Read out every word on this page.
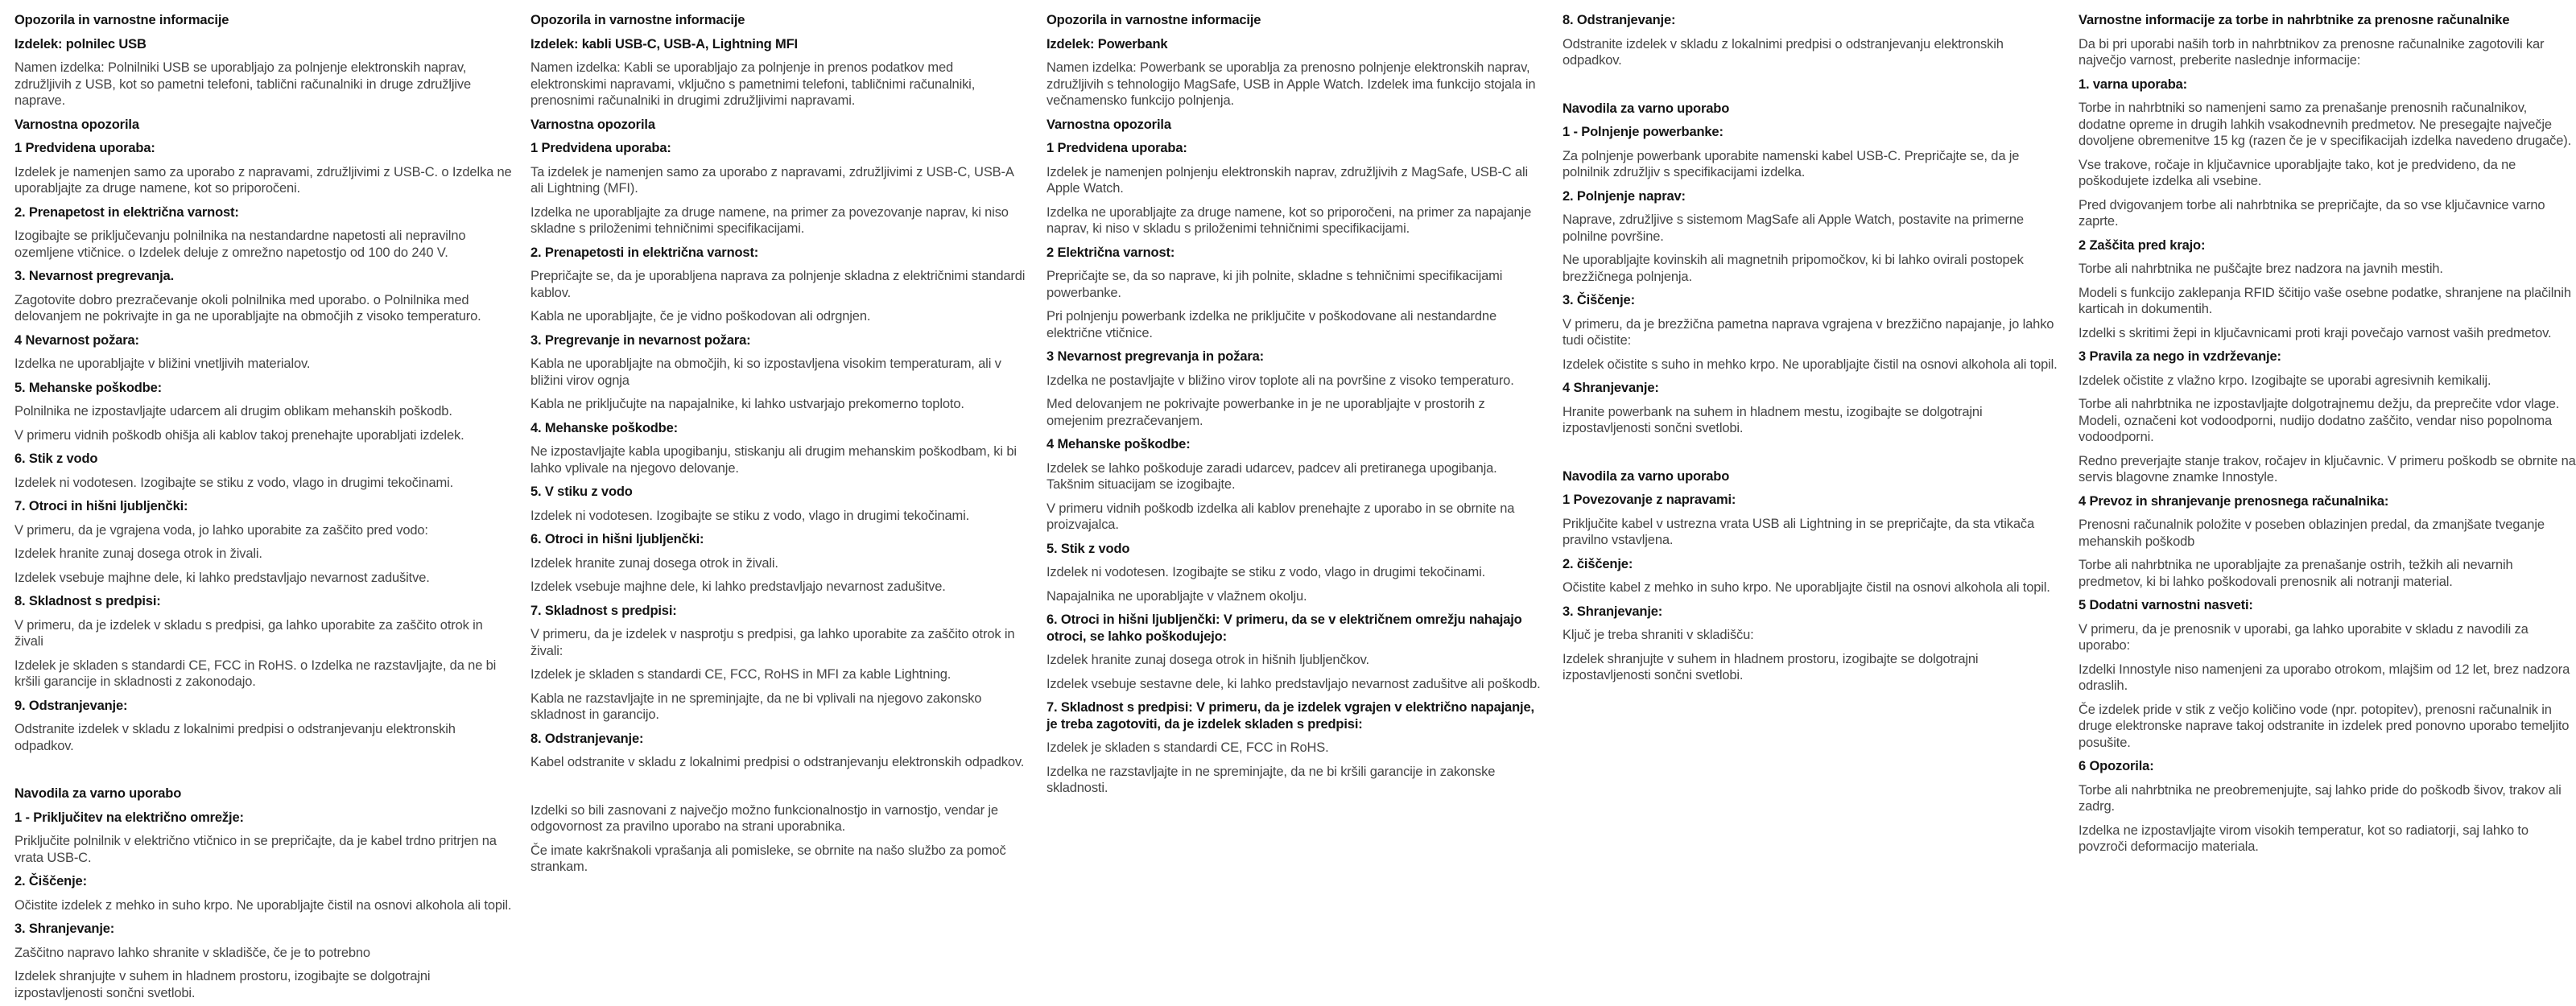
Opozorila in varnostne informacije
Izdelek: polnilec USB
Namen izdelka: Polnilniki USB se uporabljajo za polnjenje elektronskih naprav, združljivih z USB, kot so pametni telefoni, tablični računalniki in druge združljive naprave.
Varnostna opozorila
1 Predvidena uporaba:
Izdelek je namenjen samo za uporabo z napravami, združljivimi z USB-C. o Izdelka ne uporabljajte za druge namene, kot so priporočeni.
2. Prenapetost in električna varnost:
Izogibajte se priključevanju polnilnika na nestandardne napetosti ali nepravilno ozemljene vtičnice. o Izdelek deluje z omrežno napetostjo od 100 do 240 V.
3. Nevarnost pregrevanja.
Zagotovite dobro prezračevanje okoli polnilnika med uporabo. o Polnilnika med delovanjem ne pokrivajte in ga ne uporabljajte na območjih z visoko temperaturo.
4 Nevarnost požara:
Izdelka ne uporabljajte v bližini vnetljivih materialov.
5. Mehanske poškodbe:
Polnilnika ne izpostavljajte udarcem ali drugim oblikam mehanskih poškodb.
V primeru vidnih poškodb ohišja ali kablov takoj prenehajte uporabljati izdelek.
6. Stik z vodo
Izdelek ni vodotesen. Izogibajte se stiku z vodo, vlago in drugimi tekočinami.
7. Otroci in hišni ljubljenčki:
V primeru, da je vgrajena voda, jo lahko uporabite za zaščito pred vodo:
Izdelek hranite zunaj dosega otrok in živali.
Izdelek vsebuje majhne dele, ki lahko predstavljajo nevarnost zadušitve.
8. Skladnost s predpisi:
V primeru, da je izdelek v skladu s predpisi, ga lahko uporabite za zaščito otrok in živali
Izdelek je skladen s standardi CE, FCC in RoHS. o Izdelka ne razstavljajte, da ne bi kršili garancije in skladnosti z zakonodajo.
9. Odstranjevanje:
Odstranite izdelek v skladu z lokalnimi predpisi o odstranjevanju elektronskih odpadkov.
Navodila za varno uporabo
1 - Priključitev na električno omrežje:
Priključite polnilnik v električno vtičnico in se prepričajte, da je kabel trdno pritrjen na vrata USB-C.
2. Čiščenje:
Očistite izdelek z mehko in suho krpo. Ne uporabljajte čistil na osnovi alkohola ali topil.
3. Shranjevanje:
Zaščitno napravo lahko shranite v skladišče, če je to potrebno
Izdelek shranjujte v suhem in hladnem prostoru, izogibajte se dolgotrajni izpostavljenosti sončni svetlobi.
Opozorila in varnostne informacije
Izdelek: kabli USB-C, USB-A, Lightning MFI
Namen izdelka: Kabli se uporabljajo za polnjenje in prenos podatkov med elektronskimi napravami, vključno s pametnimi telefoni, tabličnimi računalniki, prenosnimi računalniki in drugimi združljivimi napravami.
Varnostna opozorila
1 Predvidena uporaba:
Ta izdelek je namenjen samo za uporabo z napravami, združljivimi z USB-C, USB-A ali Lightning (MFI).
Izdelka ne uporabljajte za druge namene, na primer za povezovanje naprav, ki niso skladne s priloženimi tehničnimi specifikacijami.
2. Prenapetosti in električna varnost:
Prepričajte se, da je uporabljena naprava za polnjenje skladna z električnimi standardi kablov.
Kabla ne uporabljajte, če je vidno poškodovan ali odrgnjen.
3. Pregrevanje in nevarnost požara:
Kabla ne uporabljajte na območjih, ki so izpostavljena visokim temperaturam, ali v bližini virov ognja
Kabla ne priključujte na napajalnike, ki lahko ustvarjajo prekomerno toploto.
4. Mehanske poškodbe:
Ne izpostavljajte kabla upogibanju, stiskanju ali drugim mehanskim poškodbam, ki bi lahko vplivale na njegovo delovanje.
5. V stiku z vodo
Izdelek ni vodotesen. Izogibajte se stiku z vodo, vlago in drugimi tekočinami.
6. Otroci in hišni ljubljenčki:
Izdelek hranite zunaj dosega otrok in živali.
Izdelek vsebuje majhne dele, ki lahko predstavljajo nevarnost zadušitve.
7. Skladnost s predpisi:
V primeru, da je izdelek v nasprotju s predpisi, ga lahko uporabite za zaščito otrok in živali:
Izdelek je skladen s standardi CE, FCC, RoHS in MFI za kable Lightning.
Kabla ne razstavljajte in ne spreminjajte, da ne bi vplivali na njegovo zakonsko skladnost in garancijo.
8. Odstranjevanje:
Kabel odstranite v skladu z lokalnimi predpisi o odstranjevanju elektronskih odpadkov.
Izdelki so bili zasnovani z največjo možno funkcionalnostjo in varnostjo, vendar je odgovornost za pravilno uporabo na strani uporabnika.
Če imate kakršnakoli vprašanja ali pomisleke, se obrnite na našo službo za pomoč strankam.
Opozorila in varnostne informacije
Izdelek: Powerbank
Namen izdelka: Powerbank se uporablja za prenosno polnjenje elektronskih naprav, združljivih s tehnologijo MagSafe, USB in Apple Watch. Izdelek ima funkcijo stojala in večnamensko funkcijo polnjenja.
Varnostna opozorila
1 Predvidena uporaba:
Izdelek je namenjen polnjenju elektronskih naprav, združljivih z MagSafe, USB-C ali Apple Watch.
Izdelka ne uporabljajte za druge namene, kot so priporočeni, na primer za napajanje naprav, ki niso v skladu s priloženimi tehničnimi specifikacijami.
2 Električna varnost:
Prepričajte se, da so naprave, ki jih polnite, skladne s tehničnimi specifikacijami powerbanke.
Pri polnjenju powerbank izdelka ne priključite v poškodovane ali nestandardne električne vtičnice.
3 Nevarnost pregrevanja in požara:
Izdelka ne postavljajte v bližino virov toplote ali na površine z visoko temperaturo.
Med delovanjem ne pokrivajte powerbanke in je ne uporabljajte v prostorih z omejenim prezračevanjem.
4 Mehanske poškodbe:
Izdelek se lahko poškoduje zaradi udarcev, padcev ali pretiranega upogibanja. Takšnim situacijam se izogibajte.
V primeru vidnih poškodb izdelka ali kablov prenehajte z uporabo in se obrnite na proizvajalca.
5. Stik z vodo
Izdelek ni vodotesen. Izogibajte se stiku z vodo, vlago in drugimi tekočinami.
Napajalnika ne uporabljajte v vlažnem okolju.
6. Otroci in hišni ljubljenčki: V primeru, da se v električnem omrežju nahajajo otroci, se lahko poškodujejo:
Izdelek hranite zunaj dosega otrok in hišnih ljubljenčkov.
Izdelek vsebuje sestavne dele, ki lahko predstavljajo nevarnost zadušitve ali poškodb.
7. Skladnost s predpisi: V primeru, da je izdelek vgrajen v električno napajanje, je treba zagotoviti, da je izdelek skladen s predpisi:
Izdelek je skladen s standardi CE, FCC in RoHS.
Izdelka ne razstavljajte in ne spreminjajte, da ne bi kršili garancije in zakonske skladnosti.
8. Odstranjevanje:
Odstranite izdelek v skladu z lokalnimi predpisi o odstranjevanju elektronskih odpadkov.
Navodila za varno uporabo
1 - Polnjenje powerbanke:
Za polnjenje powerbank uporabite namenski kabel USB-C. Prepričajte se, da je polnilnik združljiv s specifikacijami izdelka.
2. Polnjenje naprav:
Naprave, združljive s sistemom MagSafe ali Apple Watch, postavite na primerne polnilne površine.
Ne uporabljajte kovinskih ali magnetnih pripomočkov, ki bi lahko ovirali postopek brezžičnega polnjenja.
3. Čiščenje:
V primeru, da je brezžična pametna naprava vgrajena v brezžično napajanje, jo lahko tudi očistite:
Izdelek očistite s suho in mehko krpo. Ne uporabljajte čistil na osnovi alkohola ali topil.
4 Shranjevanje:
Hranite powerbank na suhem in hladnem mestu, izogibajte se dolgotrajni izpostavljenosti sončni svetlobi.
Navodila za varno uporabo
1 Povezovanje z napravami:
Priključite kabel v ustrezna vrata USB ali Lightning in se prepričajte, da sta vtikača pravilno vstavljena.
2. čiščenje:
Očistite kabel z mehko in suho krpo. Ne uporabljajte čistil na osnovi alkohola ali topil.
3. Shranjevanje:
Ključ je treba shraniti v skladišču:
Izdelek shranjujte v suhem in hladnem prostoru, izogibajte se dolgotrajni izpostavljenosti sončni svetlobi.
Varnostne informacije za torbe in nahrbtnike za prenosne računalnike
Da bi pri uporabi naših torb in nahrbtnikov za prenosne računalnike zagotovili kar največjo varnost, preberite naslednje informacije:
1. varna uporaba:
Torbe in nahrbtniki so namenjeni samo za prenašanje prenosnih računalnikov, dodatne opreme in drugih lahkih vsakodnevnih predmetov. Ne presegajte največje dovoljene obremenitve 15 kg (razen če je v specifikacijah izdelka navedeno drugače).
Vse trakove, ročaje in ključavnice uporabljajte tako, kot je predvideno, da ne poškodujete izdelka ali vsebine.
Pred dvigovanjem torbe ali nahrbtnika se prepričajte, da so vse ključavnice varno zaprte.
2 Zaščita pred krajo:
Torbe ali nahrbtnika ne puščajte brez nadzora na javnih mestih.
Modeli s funkcijo zaklepanja RFID ščitijo vaše osebne podatke, shranjene na plačilnih karticah in dokumentih.
Izdelki s skritimi žepi in ključavnicami proti kraji povečajo varnost vaših predmetov.
3 Pravila za nego in vzdrževanje:
Izdelek očistite z vlažno krpo. Izogibajte se uporabi agresivnih kemikalij.
Torbe ali nahrbtnika ne izpostavljajte dolgotrajnemu dežju, da preprečite vdor vlage. Modeli, označeni kot vodoodporni, nudijo dodatno zaščito, vendar niso popolnoma vodoodporni.
Redno preverjajte stanje trakov, ročajev in ključavnic. V primeru poškodb se obrnite na servis blagovne znamke Innostyle.
4 Prevoz in shranjevanje prenosnega računalnika:
Prenosni računalnik položite v poseben oblazinjen predal, da zmanjšate tveganje mehanskih poškodb
Torbe ali nahrbtnika ne uporabljajte za prenašanje ostrih, težkih ali nevarnih predmetov, ki bi lahko poškodovali prenosnik ali notranji material.
5 Dodatni varnostni nasveti:
V primeru, da je prenosnik v uporabi, ga lahko uporabite v skladu z navodili za uporabo:
Izdelki Innostyle niso namenjeni za uporabo otrokom, mlajšim od 12 let, brez nadzora odraslih.
Če izdelek pride v stik z večjo količino vode (npr. potopitev), prenosni računalnik in druge elektronske naprave takoj odstranite in izdelek pred ponovno uporabo temeljito posušite.
6 Opozorila:
Torbe ali nahrbtnika ne preobremenjujte, saj lahko pride do poškodb šivov, trakov ali zadrg.
Izdelka ne izpostavljajte virom visokih temperatur, kot so radiatorji, saj lahko to povzroči deformacijo materiala.
